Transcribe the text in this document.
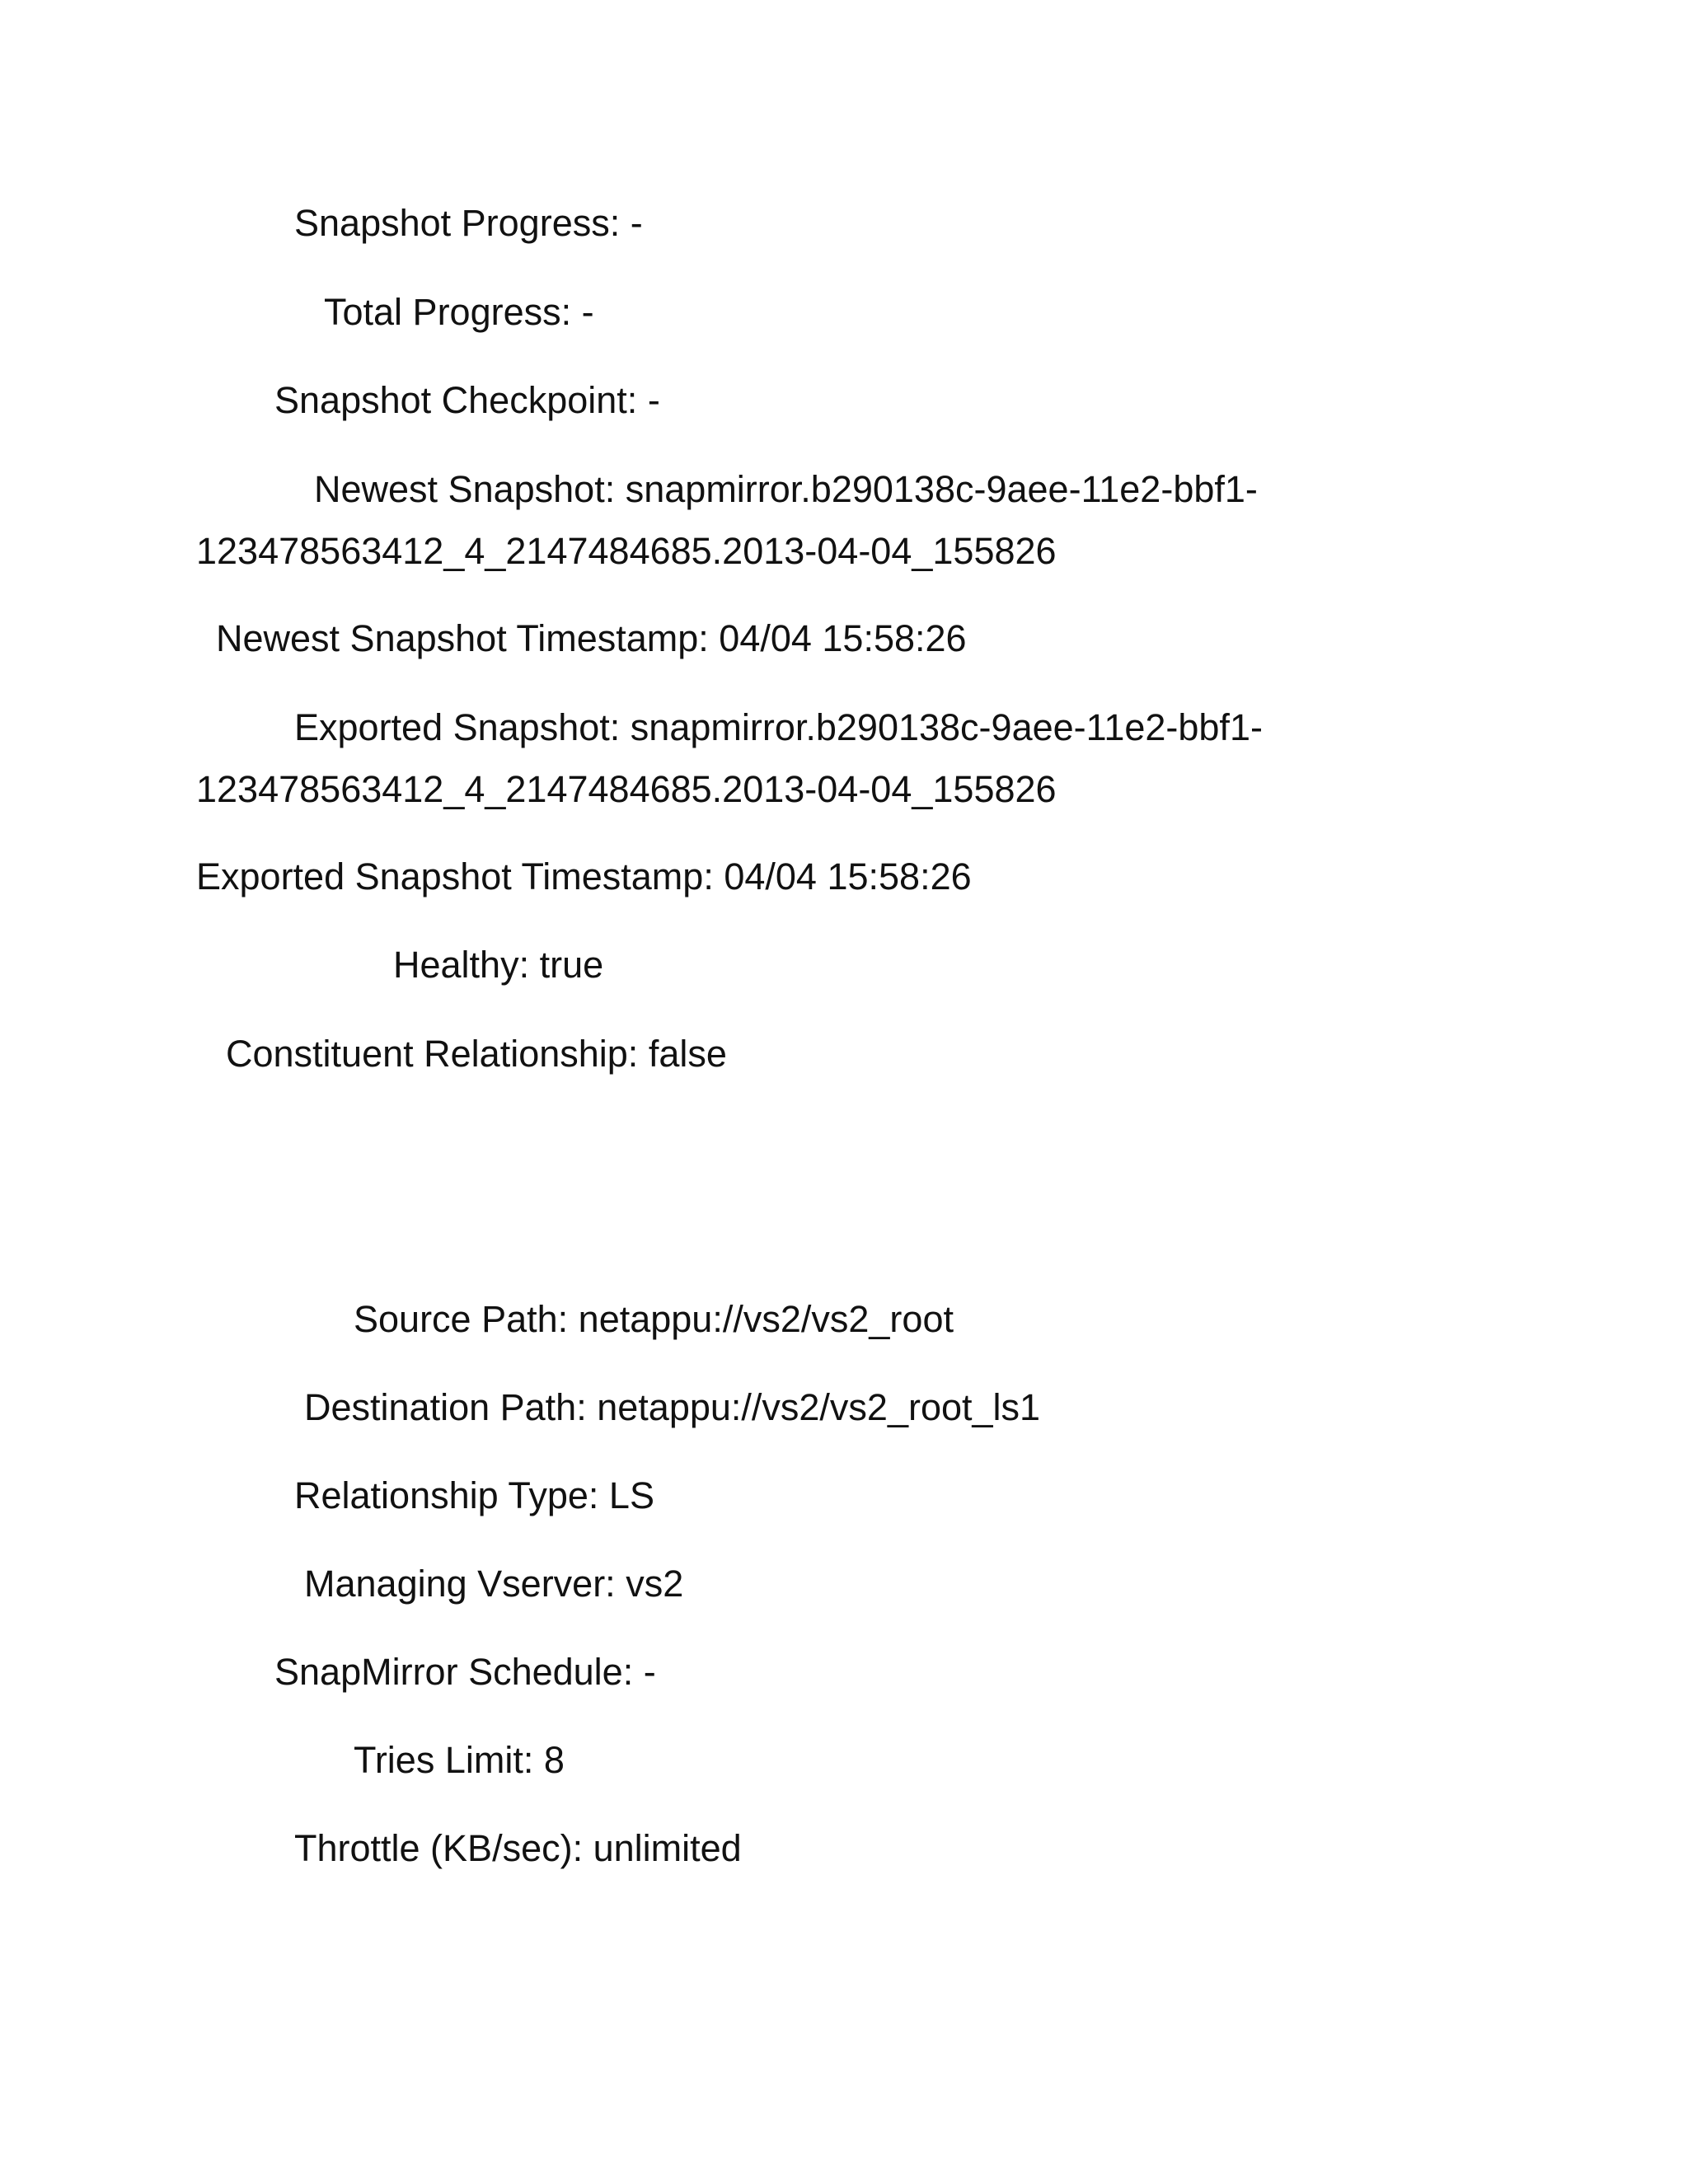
Snapshot Progress: -
Total Progress: -
Snapshot Checkpoint: -
Newest Snapshot: snapmirror.b290138c-9aee-11e2-bbf1-
123478563412_4_2147484685.2013-04-04_155826
Newest Snapshot Timestamp: 04/04 15:58:26
Exported Snapshot: snapmirror.b290138c-9aee-11e2-bbf1-
123478563412_4_2147484685.2013-04-04_155826
Exported Snapshot Timestamp: 04/04 15:58:26
Healthy: true
Constituent Relationship: false
Source Path: netappu://vs2/vs2_root
Destination Path: netappu://vs2/vs2_root_ls1
Relationship Type: LS
Managing Vserver: vs2
SnapMirror Schedule: -
Tries Limit: 8
Throttle (KB/sec): unlimited
